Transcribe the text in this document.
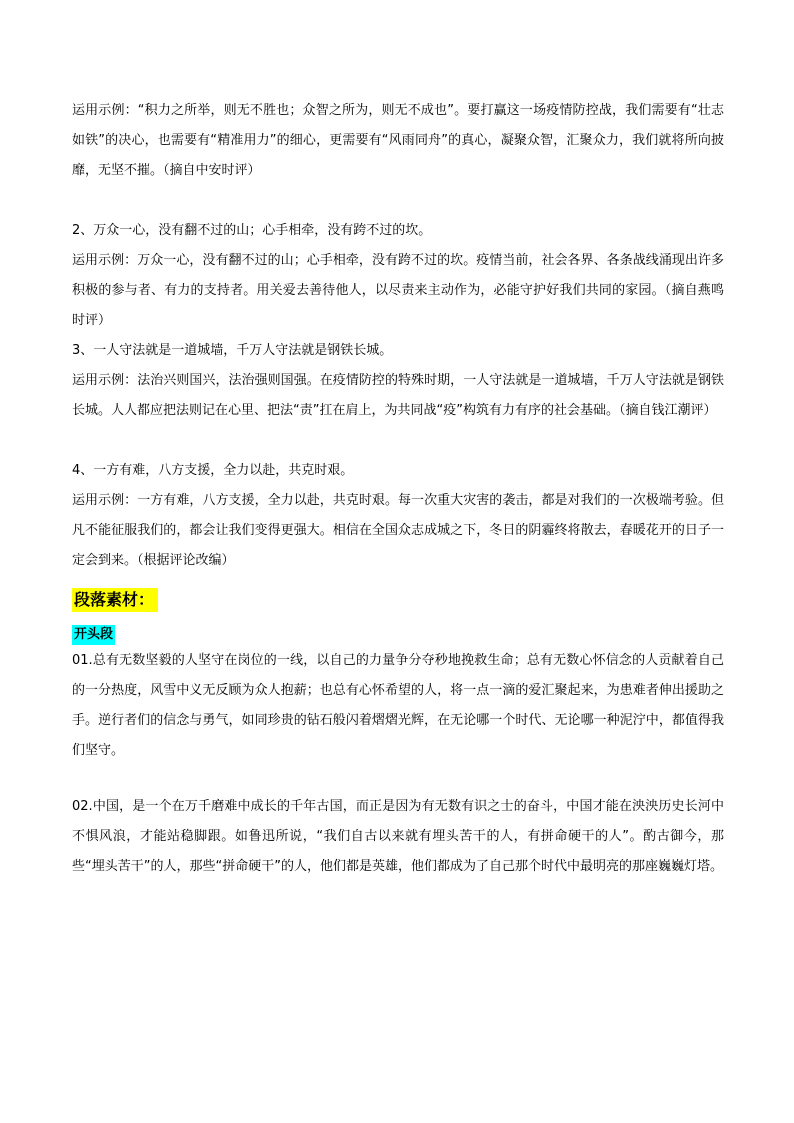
运用示例：“积力之所举，则无不胜也；众智之所为，则无不成也”。要打赢这一场疫情防控战，我们需要有“壮志如铁”的决心，也需要有“精准用力”的细心，更需要有“风雨同舟”的真心，凝聚众智，汇聚众力，我们就将所向披靡，无坚不摧。（摘自中安时评）

2、万众一心，没有翻不过的山；心手相牵，没有跨不过的坎。

运用示例：万众一心，没有翻不过的山；心手相牵，没有跨不过的坎。疫情当前，社会各界、各条战线涌现出许多积极的参与者、有力的支持者。用关爱去善待他人，以尽责来主动作为，必能守护好我们共同的家园。（摘自燕鸣时评）

3、一人守法就是一道城墙，千万人守法就是钢铁长城。

运用示例：法治兴则国兴，法治强则国强。在疫情防控的特殊时期，一人守法就是一道城墙，千万人守法就是钢铁长城。人人都应把法则记在心里、把法“责”扛在肩上，为共同战“疫”构筑有力有序的社会基础。（摘自钱江潮评）

4、一方有难，八方支援，全力以赴，共克时艰。

运用示例：一方有难，八方支援，全力以赴，共克时艰。每一次重大灾害的袭击，都是对我们的一次极端考验。但凡不能征服我们的，都会让我们变得更强大。相信在全国众志成城之下，冬日的阴霾终将散去，春暖花开的日子一定会到来。（根据评论改编）

段落素材：
开头段

01.总有无数坚毅的人坚守在岗位的一线，以自己的力量争分夺秒地挽救生命；总有无数心怀信念的人贡献着自己的一分热度，风雪中义无反顾为众人抱薪；也总有心怀希望的人，将一点一滴的爱汇聚起来，为患难者伸出援助之手。逆行者们的信念与勇气，如同珍贵的钻石般闪着熠熠光辉，在无论哪一个时代、无论哪一种泥泞中，都值得我们坚守。

02.中国，是一个在万千磨难中成长的千年古国，而正是因为有无数有识之士的奋斗，中国才能在泱泱历史长河中不惧风浪，才能站稳脚跟。如鲁迅所说，“我们自古以来就有埋头苦干的人，有拼命硬干的人”。酌古御今，那些“埋头苦干”的人，那些“拼命硬干”的人，他们都是英雄，他们都成为了自己那个时代中最明亮的那座巍巍灯塔。
